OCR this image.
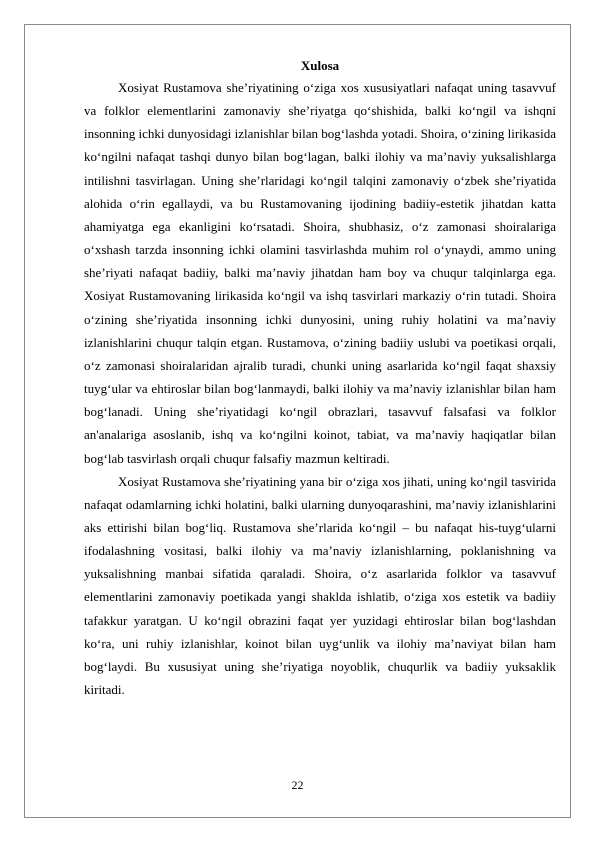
Xulosa

Xosiyat Rustamova she’riyatining o‘ziga xos xususiyatlari nafaqat uning tasavvuf va folklor elementlarini zamonaviy she’riyatga qo‘shishida, balki ko‘ngil va ishqni insonning ichki dunyosidagi izlanishlar bilan bog‘lashda yotadi. Shoira, o‘zining lirikasida ko‘ngilni nafaqat tashqi dunyo bilan bog‘lagan, balki ilohiy va ma’naviy yuksalishlarga intilishni tasvirlagan. Uning she’rlaridagi ko‘ngil talqini zamonaviy o‘zbek she’riyatida alohida o‘rin egallaydi, va bu Rustamovaning ijodining badiiy-estetik jihatdan katta ahamiyatga ega ekanligini ko‘rsatadi. Shoira, shubhasiz, o‘z zamonasi shoiralariga o‘xshash tarzda insonning ichki olamini tasvirlashda muhim rol o‘ynaydi, ammo uning she’riyati nafaqat badiiy, balki ma’naviy jihatdan ham boy va chuqur talqinlarga ega. Xosiyat Rustamovaning lirikasida ko‘ngil va ishq tasvirlari markaziy o‘rin tutadi. Shoira o‘zining she’riyatida insonning ichki dunyosini, uning ruhiy holatini va ma’naviy izlanishlarini chuqur talqin etgan. Rustamova, o‘zining badiiy uslubi va poetikasi orqali, o‘z zamonasi shoiralaridan ajralib turadi, chunki uning asarlarida ko‘ngil faqat shaxsiy tuyg‘ular va ehtiroslar bilan bog‘lanmaydi, balki ilohiy va ma’naviy izlanishlar bilan ham bog‘lanadi. Uning she’riyatidagi ko‘ngil obrazlari, tasavvuf falsafasi va folklor an'analariga asoslanib, ishq va ko‘ngilni koinot, tabiat, va ma’naviy haqiqatlar bilan bog‘lab tasvirlash orqali chuqur falsafiy mazmun keltiradi.

Xosiyat Rustamova she’riyatining yana bir o‘ziga xos jihati, uning ko‘ngil tasvirida nafaqat odamlarning ichki holatini, balki ularning dunyoqarashini, ma’naviy izlanishlarini aks ettirishi bilan bog‘liq. Rustamova she’rlarida ko‘ngil – bu nafaqat his-tuyg‘ularni ifodalashning vositasi, balki ilohiy va ma’naviy izlanishlarning, poklanishning va yuksalishning manbai sifatida qaraladi. Shoira, o‘z asarlarida folklor va tasavvuf elementlarini zamonaviy poetikada yangi shaklda ishlatib, o‘ziga xos estetik va badiiy tafakkur yaratgan. U ko‘ngil obrazini faqat yer yuzidagi ehtiroslar bilan bog‘lashdan ko‘ra, uni ruhiy izlanishlar, koinot bilan uyg‘unlik va ilohiy ma’naviyat bilan ham bog‘laydi. Bu xususiyat uning she’riyatiga noyoblik, chuqurlik va badiiy yuksaklik kiritadi.

22
